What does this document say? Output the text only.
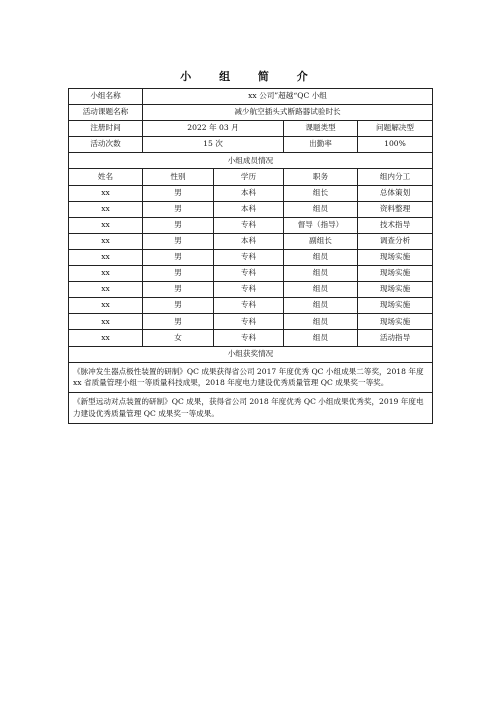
小 组 简 介
小组名称	xx 公司”超越“QC 小组			
活动课题名称	减少航空插头式断路器试验时长			
注册时间	2022 年 03 月		课题类型	问题解决型
活动次数	15 次		出勤率	100%
小组成员情况				
姓名	性别	学历	职务	组内分工
xx	男	本科	组长	总体策划
xx	男	本科	组员	资料整理
xx	男	专科	督导（指导）	技术指导
xx	男	本科	副组长	调查分析
xx	男	专科	组员	现场实施
xx	男	专科	组员	现场实施
xx	男	专科	组员	现场实施
xx	男	专科	组员	现场实施
xx	男	专科	组员	现场实施
xx	女	专科	组员	活动指导
小组获奖情况				
《脉冲发生器点极性装置的研制》QC 成果获得省公司 2017 年度优秀 QC 小组成果二等奖，2018 年度 xx 省质量管理小组一等质量科技成果，2018 年度电力建设优秀质量管理 QC 成果奖一等奖。				
《新型远动对点装置的研制》QC 成果，获得省公司 2018 年度优秀 QC 小组成果优秀奖，2019 年度电力建设优秀质量管理 QC 成果奖一等成果。				
